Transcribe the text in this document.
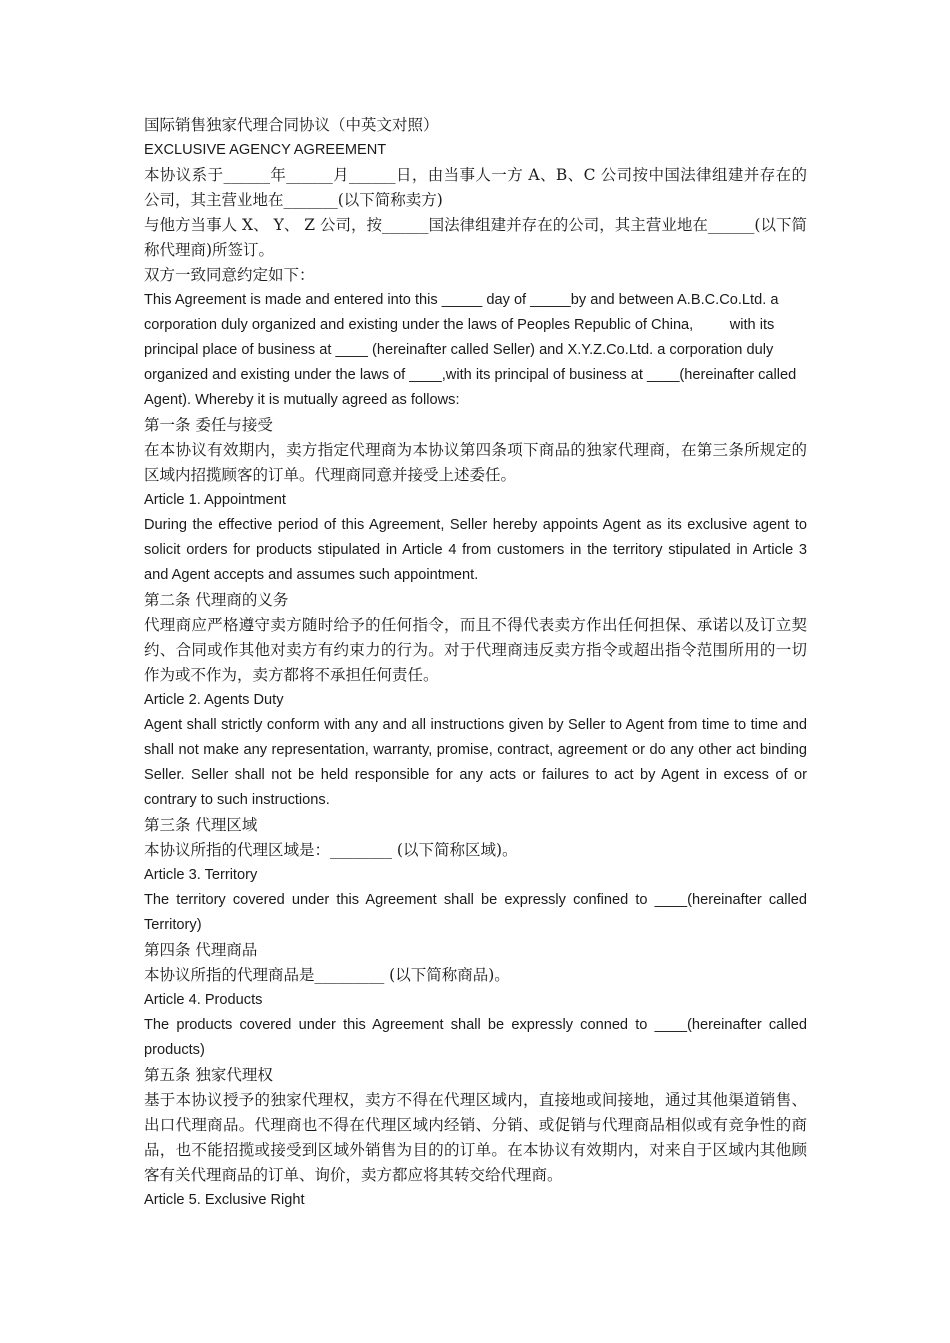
国际销售独家代理合同协议（中英文对照）
EXCLUSIVE AGENCY AGREEMENT
本协议系于______年______月______日，由当事人一方 A、B、C 公司按中国法律组建并存在的公司，其主营业地在_______(以下简称卖方)
与他方当事人 X、 Y、 Z 公司，按______国法律组建并存在的公司，其主营业地在______(以下简称代理商)所签订。
双方一致同意约定如下：
This Agreement is made and entered into this _____ day of _____by and between A.B.C.Co.Ltd. a corporation duly organized and existing under the laws of Peoples Republic of China,         with its principal place of business at ____ (hereinafter called Seller) and X.Y.Z.Co.Ltd. a corporation duly organized and existing under the laws of ____,with its principal of business at ____(hereinafter called Agent). Whereby it is mutually agreed as follows:
第一条 委任与接受
在本协议有效期内，卖方指定代理商为本协议第四条项下商品的独家代理商，在第三条所规定的区域内招揽顾客的订单。代理商同意并接受上述委任。
Article 1. Appointment
During the effective period of this Agreement, Seller hereby appoints Agent as its exclusive agent to solicit orders for products stipulated in Article 4 from customers in the territory stipulated in Article 3 and Agent accepts and assumes such appointment.
第二条 代理商的义务
代理商应严格遵守卖方随时给予的任何指令，而且不得代表卖方作出任何担保、承诺以及订立契约、合同或作其他对卖方有约束力的行为。对于代理商违反卖方指令或超出指令范围所用的一切作为或不作为，卖方都将不承担任何责任。
Article 2. Agents Duty
Agent shall strictly conform with any and all instructions given by Seller to Agent from time to time and shall not make any representation, warranty, promise, contract, agreement or do any other act binding Seller. Seller shall not be held responsible for any acts or failures to act by Agent in excess of or contrary to such instructions.
第三条 代理区域
本协议所指的代理区域是：________ (以下简称区域)。
Article 3. Territory
The territory covered under this Agreement shall be expressly confined to ____(hereinafter called Territory)
第四条 代理商品
本协议所指的代理商品是_________ (以下简称商品)。
Article 4. Products
The products covered under this Agreement shall be expressly conned to ____(hereinafter called products)
第五条 独家代理权
基于本协议授予的独家代理权，卖方不得在代理区域内，直接地或间接地，通过其他渠道销售、出口代理商品。代理商也不得在代理区域内经销、分销、或促销与代理商品相似或有竞争性的商品，也不能招揽或接受到区域外销售为目的的订单。在本协议有效期内，对来自于区域内其他顾客有关代理商品的订单、询价，卖方都应将其转交给代理商。
Article 5. Exclusive Right
